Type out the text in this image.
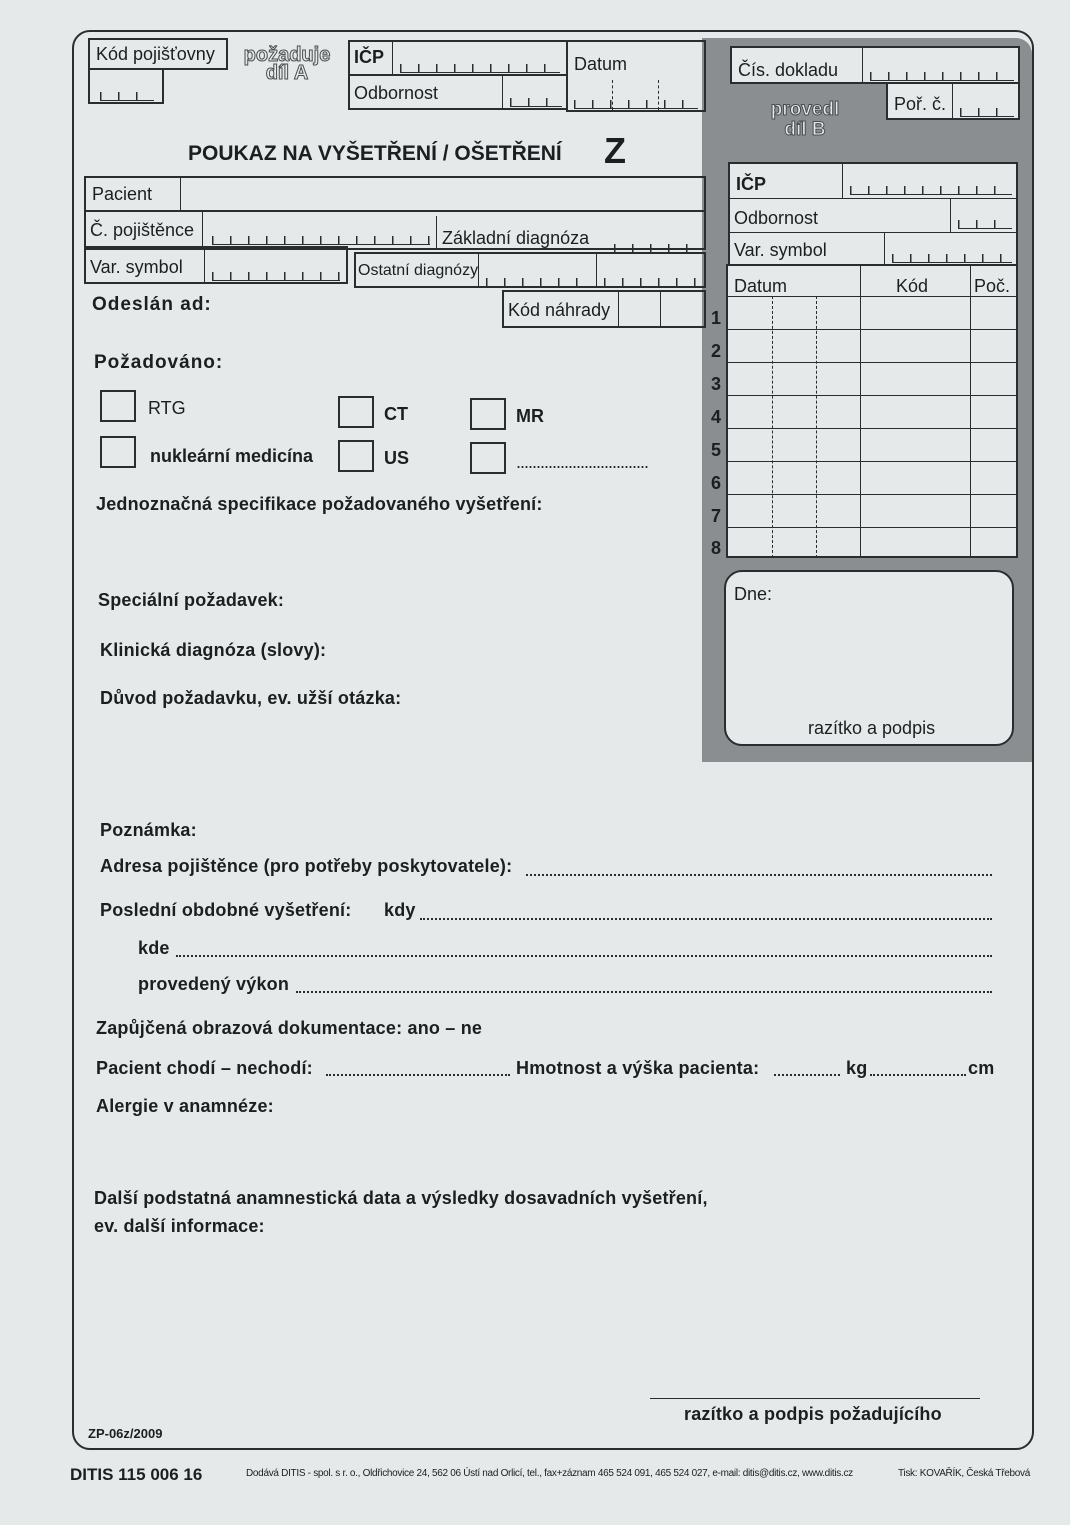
Kód pojišťovny	požaduje
díl A
IČP
Odbornost
Datum
POUKAZ NA VYŠETŘENÍ / OŠETŘENÍ Z
Pacient
Č. pojištěnce	Základní diagnóza
Var. symbol	Ostatní diagnózy
Odeslán ad:	Kód náhrady
Požadováno:
RTG	CT	MR
nukleární medicína	US	.................................
Jednoznačná specifikace požadovaného vyšetření:
Speciální požadavek:
Klinická diagnóza (slovy):
Důvod požadavku, ev. užší otázka:
Čís. dokladu
provedl
díl B
Poř. č.
IČP
Odbornost
Var. symbol
Datum	Kód	Poč.
1
2
3
4
5
6
7
8
Dne:
razítko a podpis
Poznámka:
Adresa pojištěnce (pro potřeby poskytovatele):
Poslední obdobné vyšetření: kdy
kde
provedený výkon
Zapůjčená obrazová dokumentace: ano – ne
Pacient chodí – nechodí:	Hmotnost a výška pacienta:	kg	cm
Alergie v anamnéze:
Další podstatná anamnestická data a výsledky dosavadních vyšetření,
ev. další informace:
razítko a podpis požadujícího
ZP-06z/2009
DITIS 115 006 16	Dodává DITIS - spol. s r. o., Oldřichovice 24, 562 06 Ústí nad Orlicí, tel., fax+záznam 465 524 091, 465 524 027, e-mail: ditis@ditis.cz, www.ditis.cz	Tisk: KOVAŘÍK, Česká Třebová
